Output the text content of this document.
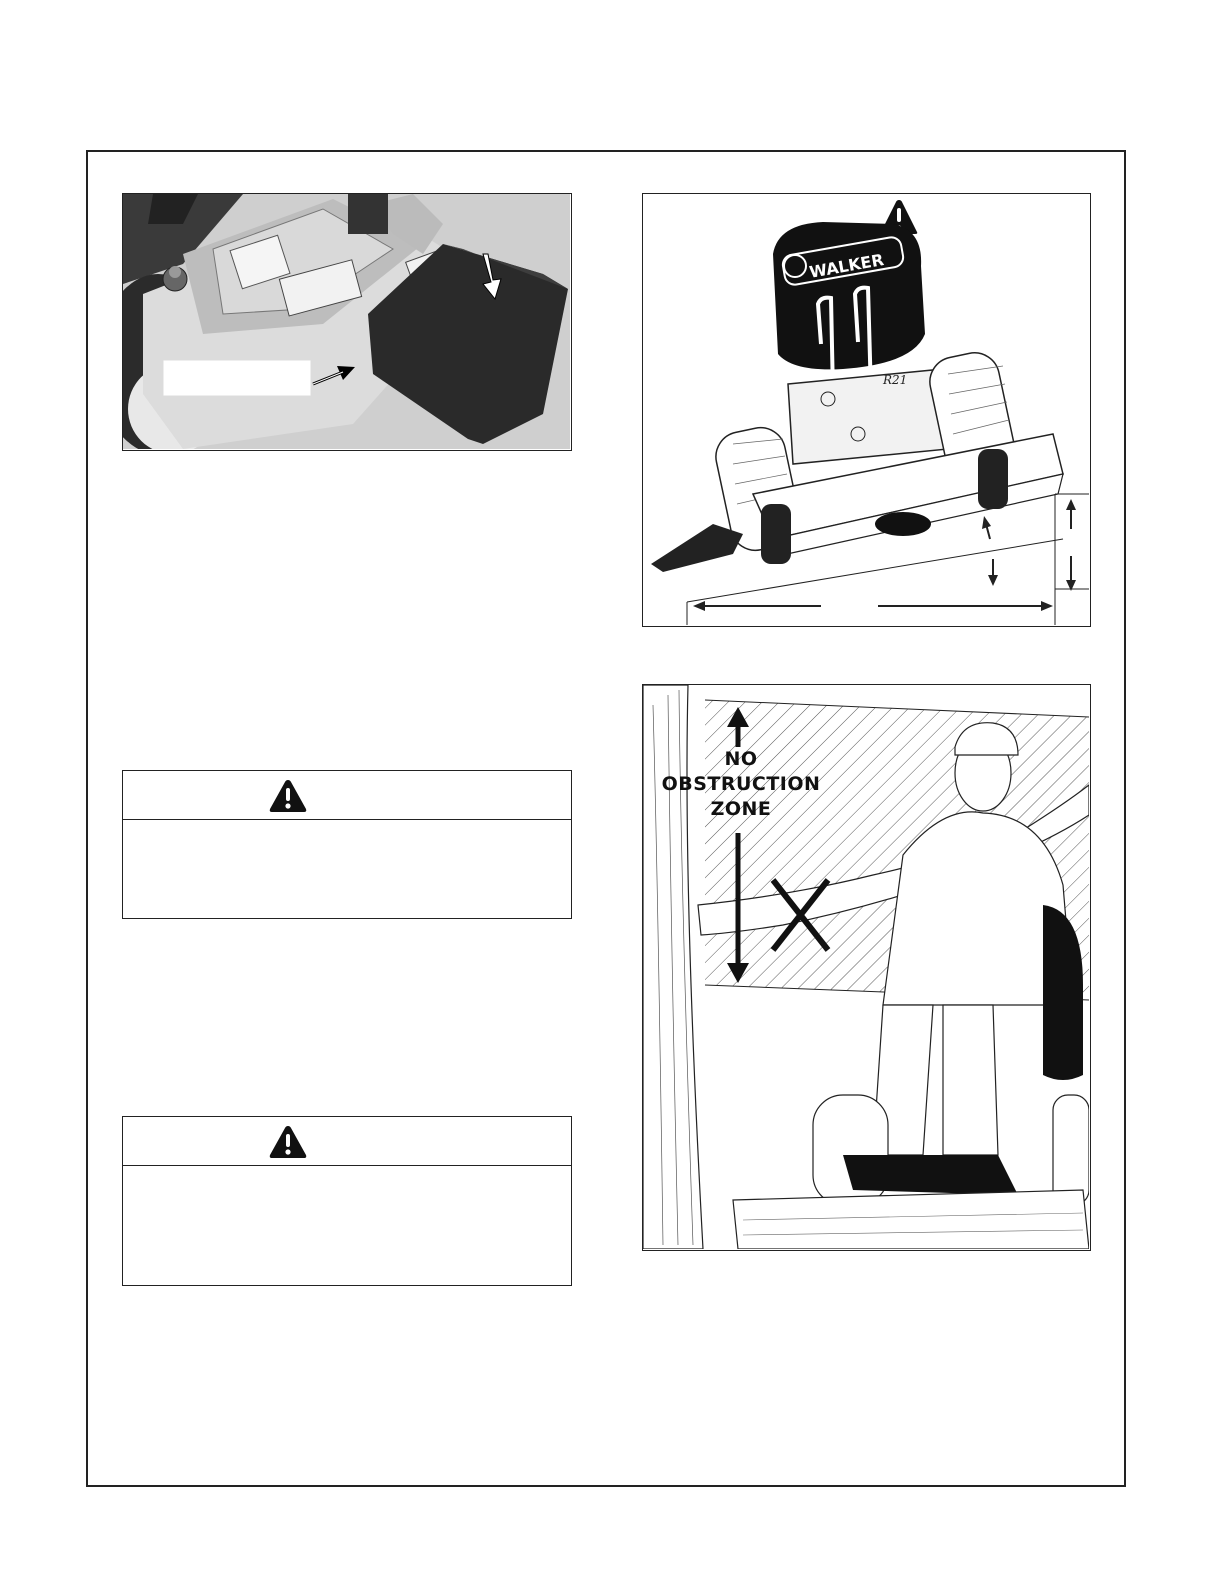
WALKER
R21
NO
OBSTRUCTION
ZONE
